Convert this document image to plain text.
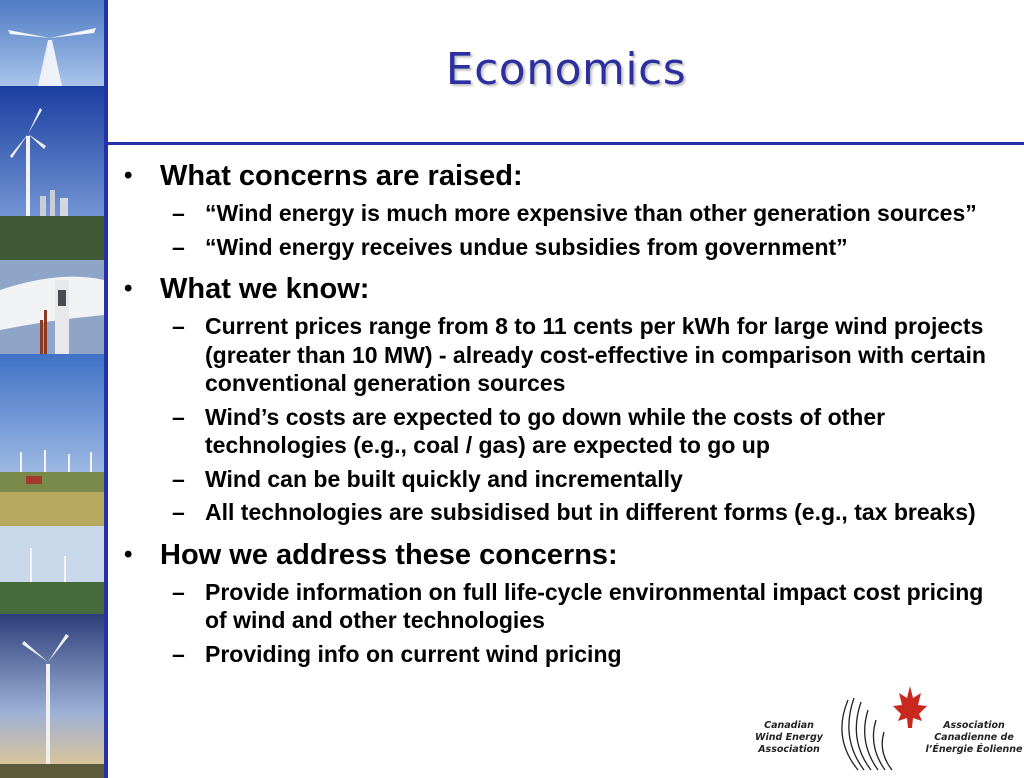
Economics
• What concerns are raised:
– “Wind energy is much more expensive than other generation sources”
– “Wind energy receives undue subsidies from government”
• What we know:
– Current prices range from 8 to 11 cents per kWh for large wind projects (greater than 10 MW) - already cost-effective in comparison with certain conventional generation sources
– Wind’s costs are expected to go down while the costs of other technologies (e.g., coal / gas) are expected to go up
– Wind can be built quickly and incrementally
– All technologies are subsidised but in different forms (e.g., tax breaks)
• How we address these concerns:
– Provide information on full life-cycle environmental impact cost pricing of wind and other technologies
– Providing info on current wind pricing
Canadian
Wind Energy
Association
Association
Canadienne de
l’Énergie Éolienne
